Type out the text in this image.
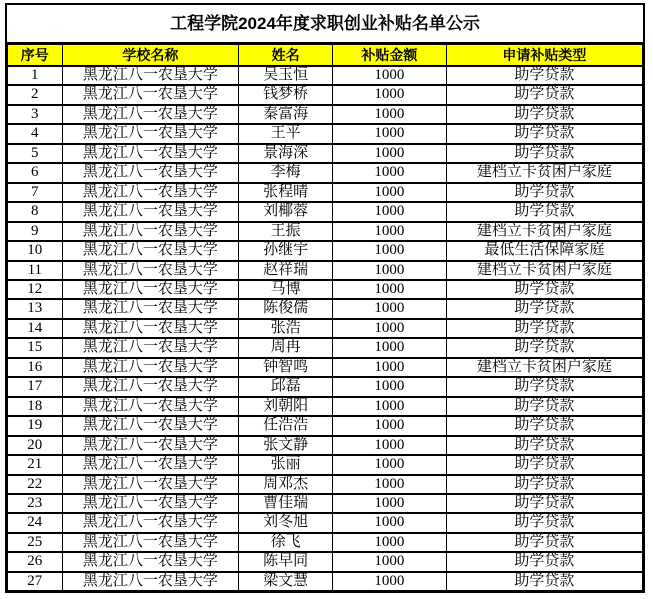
工程学院2024年度求职创业补贴名单公示
序号	学校名称	姓名	补贴金额	申请补贴类型
1	黑龙江八一农垦大学	吴玉恒	1000	助学贷款
2	黑龙江八一农垦大学	钱梦桥	1000	助学贷款
3	黑龙江八一农垦大学	秦富海	1000	助学贷款
4	黑龙江八一农垦大学	王平	1000	助学贷款
5	黑龙江八一农垦大学	景海深	1000	助学贷款
6	黑龙江八一农垦大学	李梅	1000	建档立卡贫困户家庭
7	黑龙江八一农垦大学	张程晴	1000	助学贷款
8	黑龙江八一农垦大学	刘椰蓉	1000	助学贷款
9	黑龙江八一农垦大学	王振	1000	建档立卡贫困户家庭
10	黑龙江八一农垦大学	孙继宇	1000	最低生活保障家庭
11	黑龙江八一农垦大学	赵祥瑞	1000	建档立卡贫困户家庭
12	黑龙江八一农垦大学	马博	1000	助学贷款
13	黑龙江八一农垦大学	陈俊儒	1000	助学贷款
14	黑龙江八一农垦大学	张浩	1000	助学贷款
15	黑龙江八一农垦大学	周冉	1000	助学贷款
16	黑龙江八一农垦大学	钟智鸣	1000	建档立卡贫困户家庭
17	黑龙江八一农垦大学	邱磊	1000	助学贷款
18	黑龙江八一农垦大学	刘朝阳	1000	助学贷款
19	黑龙江八一农垦大学	任浩浩	1000	助学贷款
20	黑龙江八一农垦大学	张文静	1000	助学贷款
21	黑龙江八一农垦大学	张丽	1000	助学贷款
22	黑龙江八一农垦大学	周邓杰	1000	助学贷款
23	黑龙江八一农垦大学	曹佳瑞	1000	助学贷款
24	黑龙江八一农垦大学	刘冬旭	1000	助学贷款
25	黑龙江八一农垦大学	徐飞	1000	助学贷款
26	黑龙江八一农垦大学	陈早同	1000	助学贷款
27	黑龙江八一农垦大学	梁文慧	1000	助学贷款
